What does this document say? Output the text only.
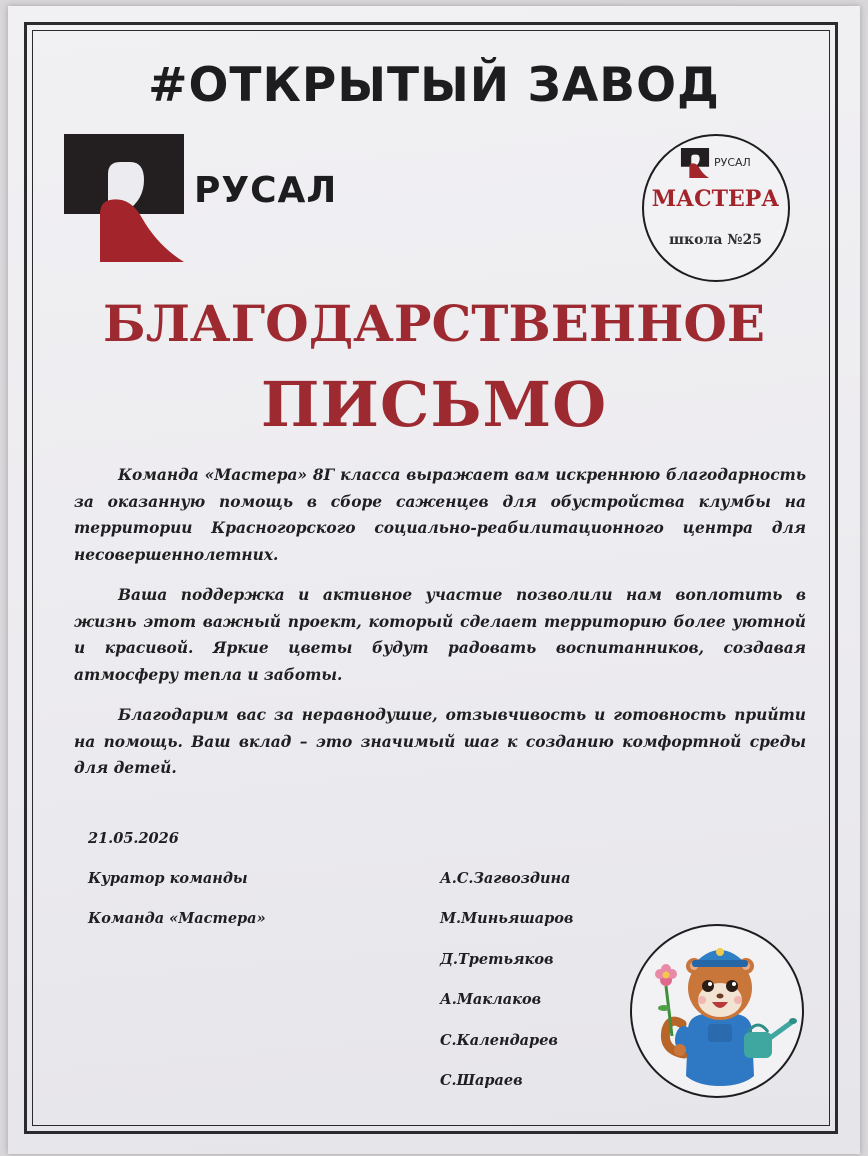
#ОТКРЫТЫЙ ЗАВОД
РУСАЛ
РУСАЛ
МАСТЕРА
школа №25
БЛАГОДАРСТВЕННОЕ
ПИСЬМО

Команда «Мастера» 8Г класса выражает вам искреннюю благодарность за оказанную помощь в сборе саженцев для обустройства клумбы на территории Красногорского социально-реабилитационного центра для несовершеннолетних.

Ваша поддержка и активное участие позволили нам воплотить в жизнь этот важный проект, который сделает территорию более уютной и красивой. Яркие цветы будут радовать воспитанников, создавая атмосферу тепла и заботы.

Благодарим вас за неравнодушие, отзывчивость и готовность прийти на помощь. Ваш вклад – это значимый шаг к созданию комфортной среды для детей.

21.05.2026
Куратор команды
Команда «Мастера»
А.С.Загвоздина
М.Миньяшаров
Д.Третьяков
А.Маклаков
С.Календарев
С.Шараев
